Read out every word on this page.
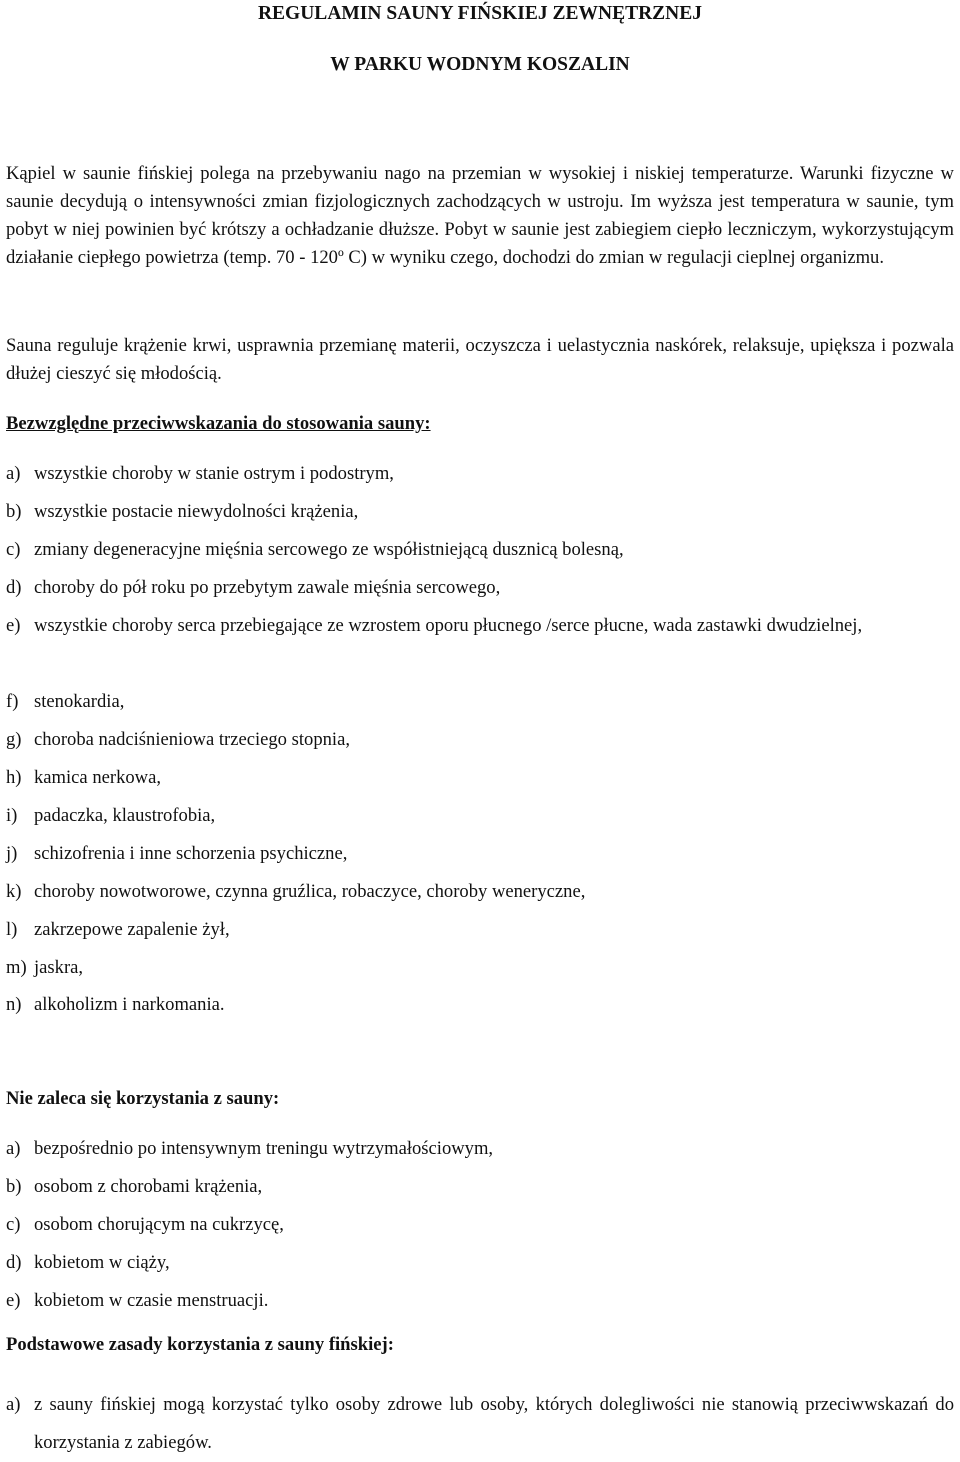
REGULAMIN SAUNY FIŃSKIEJ ZEWNĘTRZNEJ
W PARKU WODNYM KOSZALIN

Kąpiel w saunie fińskiej polega na przebywaniu nago na przemian w wysokiej i niskiej temperaturze. Warunki fizyczne w saunie decydują o intensywności zmian fizjologicznych zachodzących w ustroju. Im wyższa jest temperatura w saunie, tym pobyt w niej powinien być krótszy a ochładzanie dłuższe. Pobyt w saunie jest zabiegiem ciepło leczniczym, wykorzystującym działanie ciepłego powietrza (temp. 70 - 120º C) w wyniku czego, dochodzi do zmian w regulacji cieplnej organizmu.

Sauna reguluje krążenie krwi, usprawnia przemianę materii, oczyszcza i uelastycznia naskórek, relaksuje, upiększa i pozwala dłużej cieszyć się młodością.

Bezwzględne przeciwwskazania do stosowania sauny:

a) wszystkie choroby w stanie ostrym i podostrym,

b) wszystkie postacie niewydolności krążenia,

c) zmiany degeneracyjne mięśnia sercowego ze współistniejącą dusznicą bolesną,

d) choroby do pół roku po przebytym zawale mięśnia sercowego,

e) wszystkie choroby serca przebiegające ze wzrostem oporu płucnego /serce płucne, wada zastawki dwudzielnej,

f) stenokardia,

g) choroba nadciśnieniowa trzeciego stopnia,

h) kamica nerkowa,

i) padaczka, klaustrofobia,

j) schizofrenia i inne schorzenia psychiczne,

k) choroby nowotworowe, czynna gruźlica, robaczyce, choroby weneryczne,

l) zakrzepowe zapalenie żył,

m) jaskra,

n) alkoholizm i narkomania.

Nie zaleca się korzystania z sauny:

a) bezpośrednio po intensywnym treningu wytrzymałościowym,

b) osobom z chorobami krążenia,

c) osobom chorującym na cukrzycę,

d) kobietom w ciąży,

e) kobietom w czasie menstruacji.

Podstawowe zasady korzystania z sauny fińskiej:

a) z sauny fińskiej mogą korzystać tylko osoby zdrowe lub osoby, których dolegliwości nie stanowią przeciwwskazań do korzystania z zabiegów.
